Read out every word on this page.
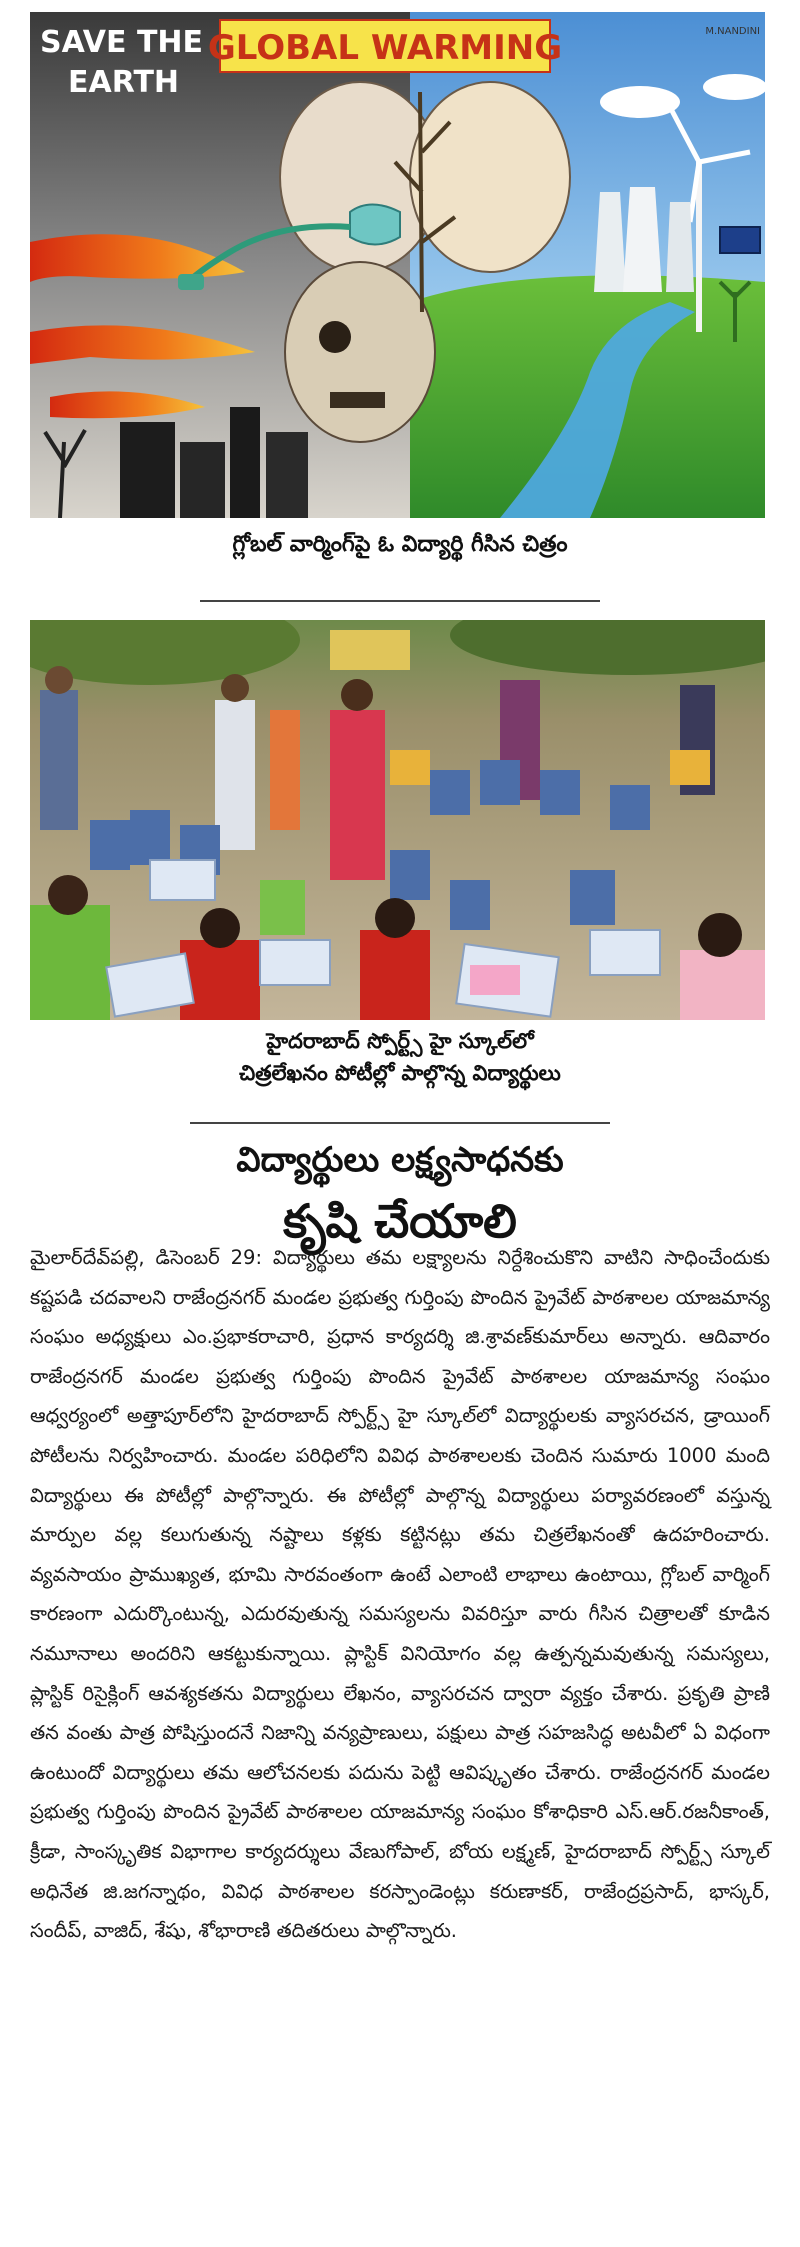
GLOBAL WARMING
SAVE THE
EARTH
M.NANDINI
గ్లోబల్ వార్మింగ్‌పై ఓ విద్యార్థి గీసిన చిత్రం
హైదరాబాద్ స్పోర్ట్స్ హై స్కూల్‌లో
చిత్రలేఖనం పోటీల్లో పాల్గొన్న విద్యార్థులు
విద్యార్థులు లక్ష్యసాధనకు
కృషి చేయాలి
మైలార్‌దేవ్‌పల్లి, డిసెంబర్ 29: విద్యార్థులు తమ లక్ష్యాలను నిర్దేశించుకొని వాటిని సాధించేందుకు కష్టపడి చదవాలని రాజేంద్రనగర్ మండల ప్రభుత్వ గుర్తింపు పొందిన ప్రైవేట్ పాఠశాలల యాజమాన్య సంఘం అధ్యక్షులు ఎం.ప్రభాకరాచారి, ప్రధాన కార్యదర్శి జి.శ్రావణ్‌కుమార్‌లు అన్నారు. ఆదివారం రాజేంద్రనగర్ మండల ప్రభుత్వ గుర్తింపు పొందిన ప్రైవేట్ పాఠశాలల యాజమాన్య సంఘం ఆధ్వర్యంలో అత్తాపూర్‌లోని హైదరాబాద్ స్పోర్ట్స్ హై స్కూల్‌లో విద్యార్థులకు వ్యాసరచన, డ్రాయింగ్ పోటీలను నిర్వహించారు. మండల పరిధిలోని వివిధ పాఠశాలలకు చెందిన సుమారు 1000 మంది విద్యార్థులు ఈ పోటీల్లో పాల్గొన్నారు. ఈ పోటీల్లో పాల్గొన్న విద్యార్థులు పర్యావరణంలో వస్తున్న మార్పుల వల్ల కలుగుతున్న నష్టాలు కళ్లకు కట్టినట్లు తమ చిత్రలేఖనంతో ఉదహరించారు. వ్యవసాయం ప్రాముఖ్యత, భూమి సారవంతంగా ఉంటే ఎలాంటి లాభాలు ఉంటాయి, గ్లోబల్ వార్మింగ్ కారణంగా ఎదుర్కొంటున్న, ఎదురవుతున్న సమస్యలను వివరిస్తూ వారు గీసిన చిత్రాలతో కూడిన నమూనాలు అందరిని ఆకట్టుకున్నాయి. ప్లాస్టిక్ వినియోగం వల్ల ఉత్పన్నమవుతున్న సమస్యలు, ప్లాస్టిక్ రిసైక్లింగ్ ఆవశ్యకతను విద్యార్థులు లేఖనం, వ్యాసరచన ద్వారా వ్యక్తం చేశారు. ప్రకృతి ప్రాణి తన వంతు పాత్ర పోషిస్తుందనే నిజాన్ని వన్యప్రాణులు, పక్షులు పాత్ర సహజసిద్ధ అటవీలో ఏ విధంగా ఉంటుందో విద్యార్థులు తమ ఆలోచనలకు పదును పెట్టి ఆవిష్కృతం చేశారు. రాజేంద్రనగర్ మండల ప్రభుత్వ గుర్తింపు పొందిన ప్రైవేట్ పాఠశాలల యాజమాన్య సంఘం కోశాధికారి ఎస్.ఆర్.రజనీకాంత్, క్రీడా, సాంస్కృతిక విభాగాల కార్యదర్శులు వేణుగోపాల్, బోయ లక్ష్మణ్, హైదరాబాద్ స్పోర్ట్స్ స్కూల్ అధినేత జి.జగన్నాథం, వివిధ పాఠశాలల కరస్పాండెంట్లు కరుణాకర్, రాజేంద్రప్రసాద్, భాస్కర్, సందీప్, వాజిద్, శేషు, శోభారాణి తదితరులు పాల్గొన్నారు.
